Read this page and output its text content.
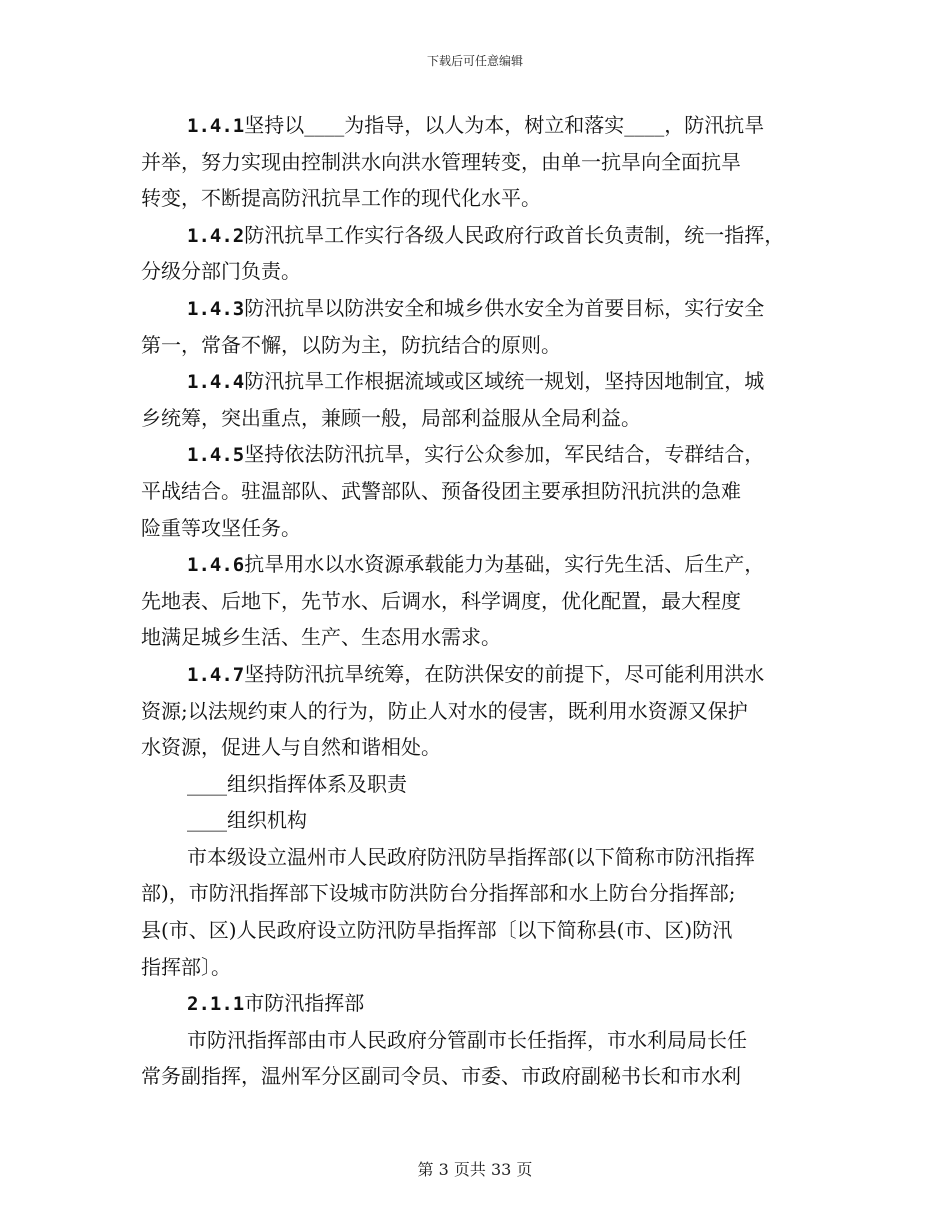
下载后可任意编辑
1.4.1坚持以____为指导，以人为本，树立和落实____，防汛抗旱
并举，努力实现由控制洪水向洪水管理转变，由单一抗旱向全面抗旱
转变，不断提高防汛抗旱工作的现代化水平。
1.4.2防汛抗旱工作实行各级人民政府行政首长负责制，统一指挥，
分级分部门负责。
1.4.3防汛抗旱以防洪安全和城乡供水安全为首要目标，实行安全
第一，常备不懈，以防为主，防抗结合的原则。
1.4.4防汛抗旱工作根据流域或区域统一规划，坚持因地制宜，城
乡统筹，突出重点，兼顾一般，局部利益服从全局利益。
1.4.5坚持依法防汛抗旱，实行公众参加，军民结合，专群结合，
平战结合。驻温部队、武警部队、预备役团主要承担防汛抗洪的急难
险重等攻坚任务。
1.4.6抗旱用水以水资源承载能力为基础，实行先生活、后生产，
先地表、后地下，先节水、后调水，科学调度，优化配置，最大程度
地满足城乡生活、生产、生态用水需求。
1.4.7坚持防汛抗旱统筹，在防洪保安的前提下，尽可能利用洪水
资源;以法规约束人的行为，防止人对水的侵害，既利用水资源又保护
水资源，促进人与自然和谐相处。
____组织指挥体系及职责
____组织机构
市本级设立温州市人民政府防汛防旱指挥部(以下简称市防汛指挥
部)，市防汛指挥部下设城市防洪防台分指挥部和水上防台分指挥部;
县(市、区)人民政府设立防汛防旱指挥部〔以下简称县(市、区)防汛
指挥部〕。
2.1.1市防汛指挥部
市防汛指挥部由市人民政府分管副市长任指挥，市水利局局长任
常务副指挥，温州军分区副司令员、市委、市政府副秘书长和市水利
第 3 页共 33 页
